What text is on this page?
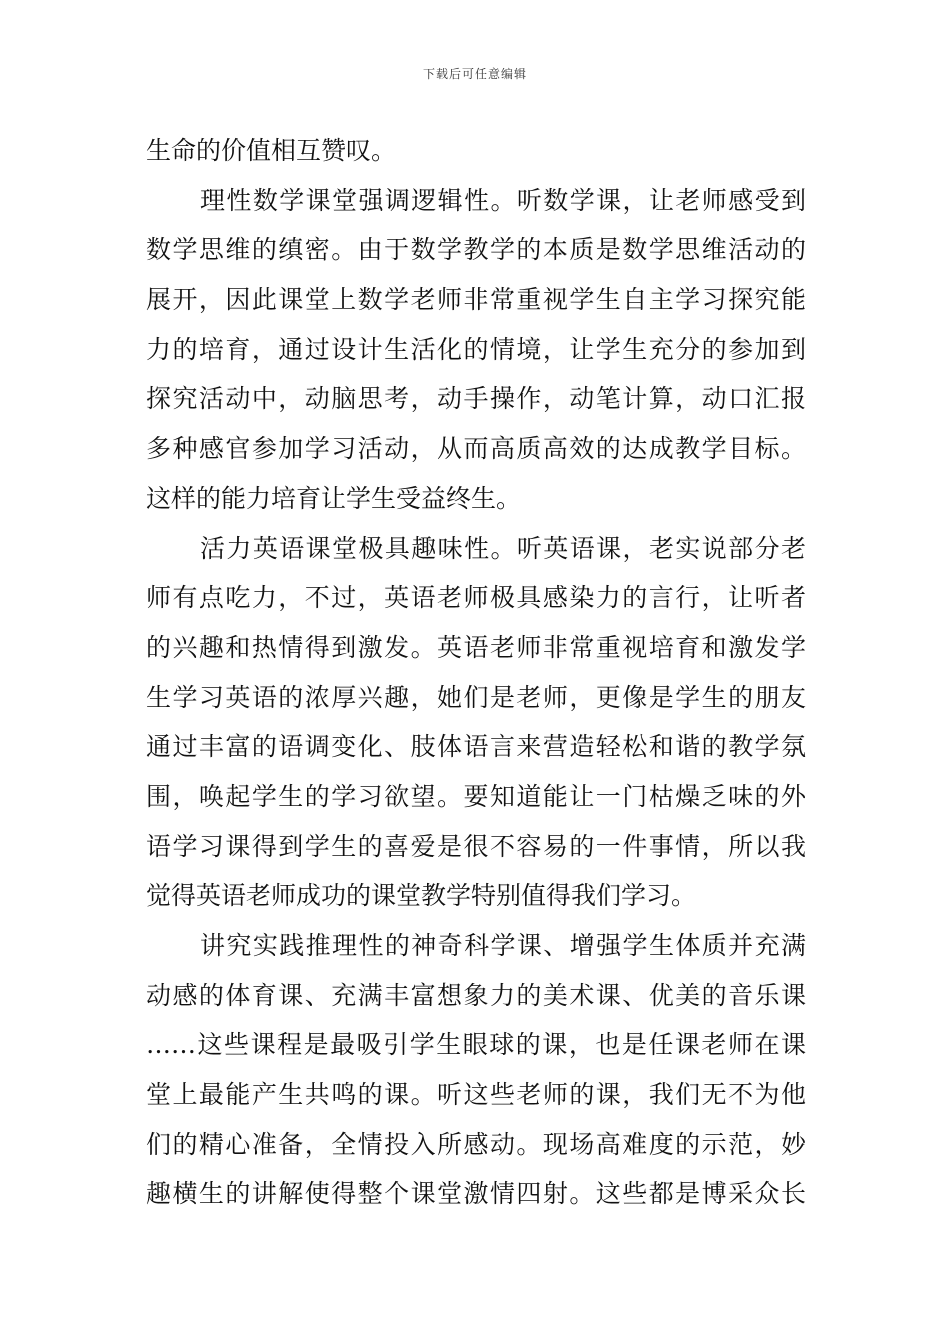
下载后可任意编辑
生命的价值相互赞叹。
理性数学课堂强调逻辑性。听数学课，让老师感受到
数学思维的缜密。由于数学教学的本质是数学思维活动的
展开，因此课堂上数学老师非常重视学生自主学习探究能
力的培育，通过设计生活化的情境，让学生充分的参加到
探究活动中，动脑思考，动手操作，动笔计算，动口汇报
多种感官参加学习活动，从而高质高效的达成教学目标。
这样的能力培育让学生受益终生。
活力英语课堂极具趣味性。听英语课，老实说部分老
师有点吃力，不过，英语老师极具感染力的言行，让听者
的兴趣和热情得到激发。英语老师非常重视培育和激发学
生学习英语的浓厚兴趣，她们是老师，更像是学生的朋友
通过丰富的语调变化、肢体语言来营造轻松和谐的教学氛
围，唤起学生的学习欲望。要知道能让一门枯燥乏味的外
语学习课得到学生的喜爱是很不容易的一件事情，所以我
觉得英语老师成功的课堂教学特别值得我们学习。
讲究实践推理性的神奇科学课、增强学生体质并充满
动感的体育课、充满丰富想象力的美术课、优美的音乐课
……这些课程是最吸引学生眼球的课，也是任课老师在课
堂上最能产生共鸣的课。听这些老师的课，我们无不为他
们的精心准备，全情投入所感动。现场高难度的示范，妙
趣横生的讲解使得整个课堂激情四射。这些都是博采众长
